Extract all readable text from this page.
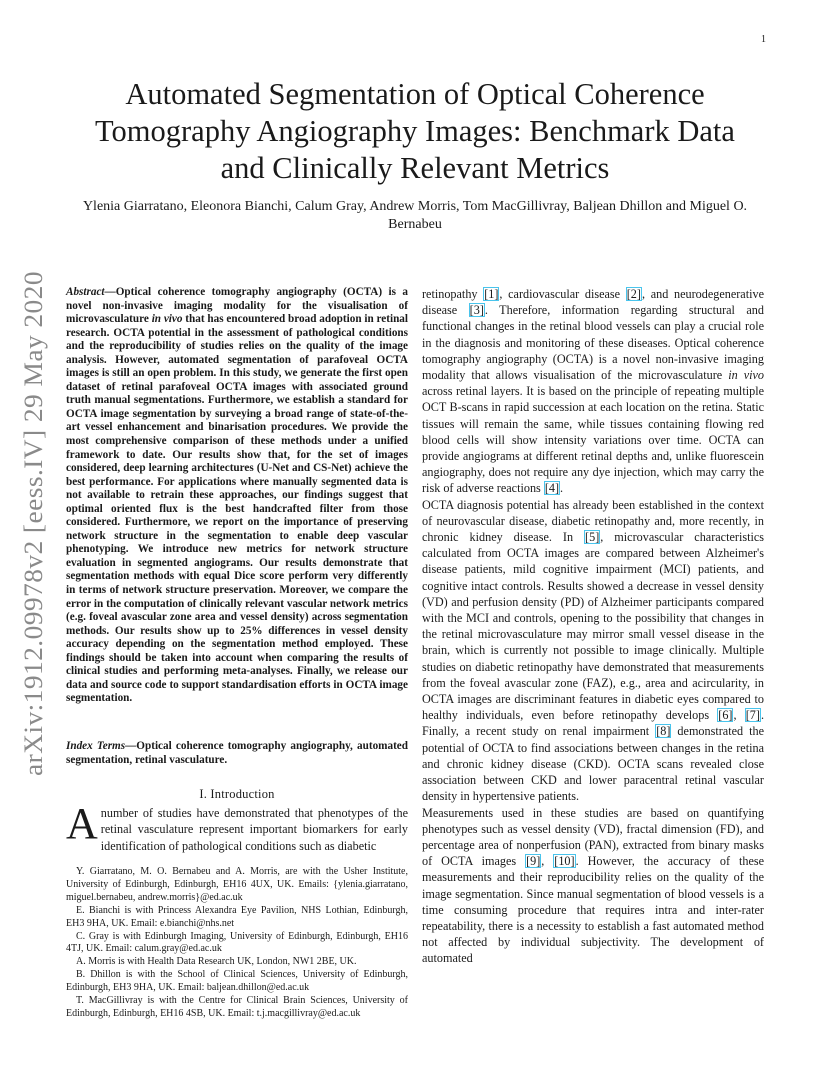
1
arXiv:1912.09978v2 [eess.IV] 29 May 2020
Automated Segmentation of Optical Coherence Tomography Angiography Images: Benchmark Data and Clinically Relevant Metrics

Ylenia Giarratano, Eleonora Bianchi, Calum Gray, Andrew Morris, Tom MacGillivray, Baljean Dhillon and Miguel O. Bernabeu

Abstract—Optical coherence tomography angiography (OCTA) is a novel non-invasive imaging modality for the visualisation of microvasculature in vivo that has encountered broad adoption in retinal research. OCTA potential in the assessment of pathological conditions and the reproducibility of studies relies on the quality of the image analysis. However, automated segmentation of parafoveal OCTA images is still an open problem. In this study, we generate the first open dataset of retinal parafoveal OCTA images with associated ground truth manual segmentations. Furthermore, we establish a standard for OCTA image segmentation by surveying a broad range of state-of-the-art vessel enhancement and binarisation procedures. We provide the most comprehensive comparison of these methods under a unified framework to date. Our results show that, for the set of images considered, deep learning architectures (U-Net and CS-Net) achieve the best performance. For applications where manually segmented data is not available to retrain these approaches, our findings suggest that optimal oriented flux is the best handcrafted filter from those considered. Furthermore, we report on the importance of preserving network structure in the segmentation to enable deep vascular phenotyping. We introduce new metrics for network structure evaluation in segmented angiograms. Our results demonstrate that segmentation methods with equal Dice score perform very differently in terms of network structure preservation. Moreover, we compare the error in the computation of clinically relevant vascular network metrics (e.g. foveal avascular zone area and vessel density) across segmentation methods. Our results show up to 25% differences in vessel density accuracy depending on the segmentation method employed. These findings should be taken into account when comparing the results of clinical studies and performing meta-analyses. Finally, we release our data and source code to support standardisation efforts in OCTA image segmentation.

Index Terms—Optical coherence tomography angiography, automated segmentation, retinal vasculature.

I. Introduction

A number of studies have demonstrated that phenotypes of the retinal vasculature represent important biomarkers for early identification of pathological conditions such as diabetic

Y. Giarratano, M. O. Bernabeu and A. Morris, are with the Usher Institute, University of Edinburgh, Edinburgh, EH16 4UX, UK. Emails: {ylenia.giarratano, miguel.bernabeu, andrew.morris}@ed.ac.uk

E. Bianchi is with Princess Alexandra Eye Pavilion, NHS Lothian, Edinburgh, EH3 9HA, UK. Email: e.bianchi@nhs.net

C. Gray is with Edinburgh Imaging, University of Edinburgh, Edinburgh, EH16 4TJ, UK. Email: calum.gray@ed.ac.uk

A. Morris is with Health Data Research UK, London, NW1 2BE, UK.

B. Dhillon is with the School of Clinical Sciences, University of Edinburgh, Edinburgh, EH3 9HA, UK. Email: baljean.dhillon@ed.ac.uk

T. MacGillivray is with the Centre for Clinical Brain Sciences, University of Edinburgh, Edinburgh, EH16 4SB, UK. Email: t.j.macgillivray@ed.ac.uk

retinopathy [1], cardiovascular disease [2], and neurodegenerative disease [3]. Therefore, information regarding structural and functional changes in the retinal blood vessels can play a crucial role in the diagnosis and monitoring of these diseases. Optical coherence tomography angiography (OCTA) is a novel non-invasive imaging modality that allows visualisation of the microvasculature in vivo across retinal layers. It is based on the principle of repeating multiple OCT B-scans in rapid succession at each location on the retina. Static tissues will remain the same, while tissues containing flowing red blood cells will show intensity variations over time. OCTA can provide angiograms at different retinal depths and, unlike fluorescein angiography, does not require any dye injection, which may carry the risk of adverse reactions [4].

OCTA diagnosis potential has already been established in the context of neurovascular disease, diabetic retinopathy and, more recently, in chronic kidney disease. In [5], microvascular characteristics calculated from OCTA images are compared between Alzheimer's disease patients, mild cognitive impairment (MCI) patients, and cognitive intact controls. Results showed a decrease in vessel density (VD) and perfusion density (PD) of Alzheimer participants compared with the MCI and controls, opening to the possibility that changes in the retinal microvasculature may mirror small vessel disease in the brain, which is currently not possible to image clinically. Multiple studies on diabetic retinopathy have demonstrated that measurements from the foveal avascular zone (FAZ), e.g., area and acircularity, in OCTA images are discriminant features in diabetic eyes compared to healthy individuals, even before retinopathy develops [6], [7]. Finally, a recent study on renal impairment [8] demonstrated the potential of OCTA to find associations between changes in the retina and chronic kidney disease (CKD). OCTA scans revealed close association between CKD and lower paracentral retinal vascular density in hypertensive patients.

Measurements used in these studies are based on quantifying phenotypes such as vessel density (VD), fractal dimension (FD), and percentage area of nonperfusion (PAN), extracted from binary masks of OCTA images [9], [10]. However, the accuracy of these measurements and their reproducibility relies on the quality of the image segmentation. Since manual segmentation of blood vessels is a time consuming procedure that requires intra and inter-rater repeatability, there is a necessity to establish a fast automated method not affected by individual subjectivity. The development of automated
